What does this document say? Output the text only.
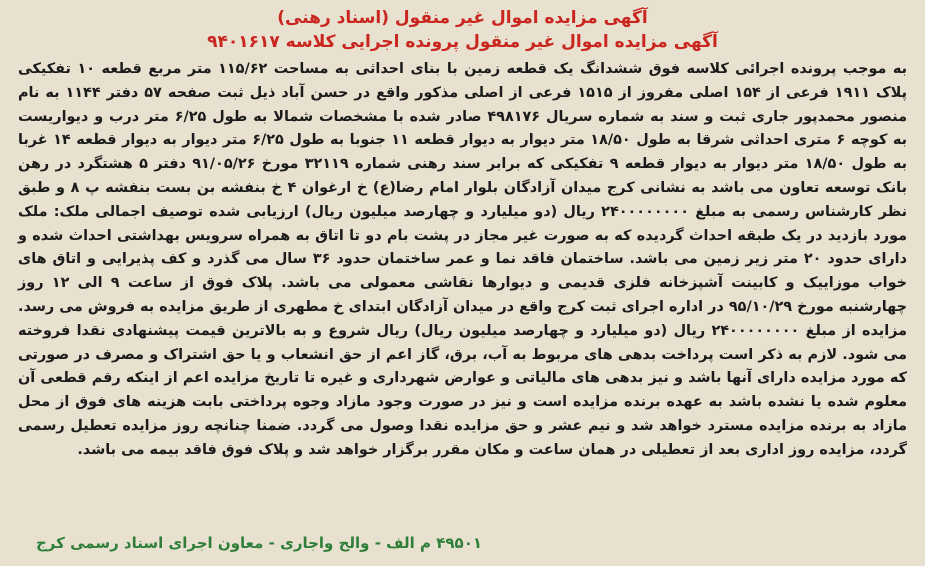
آگهی مزایده اموال غیر منقول (اسناد رهنی)

آگهی مزایده اموال غیر منقول پرونده اجرایی کلاسه ۹۴۰۱۶۱۷

به موجب پرونده اجرائی کلاسه فوق ششدانگ یک قطعه زمین با بنای احداثی به مساحت ۱۱۵/۶۲ متر مربع قطعه ۱۰ تفکیکی پلاک ۱۹۱۱ فرعی از ۱۵۴ اصلی مفروز از ۱۵۱۵ فرعی از اصلی مذکور واقع در حسن آباد ذیل ثبت صفحه ۵۷ دفتر ۱۱۴۴ به نام منصور محمدپور جاری ثبت و سند به شماره سریال ۴۹۸۱۷۶ صادر شده با مشخصات شمالا به طول ۶/۲۵ متر درب و دیواریست به کوچه ۶ متری احداثی شرقا به طول ۱۸/۵۰ متر دیوار به دیوار قطعه ۱۱ جنوبا به طول ۶/۲۵ متر دیوار به دیوار قطعه ۱۴ غربا به طول ۱۸/۵۰ متر دیوار به دیوار قطعه ۹ تفکیکی که برابر سند رهنی شماره ۳۲۱۱۹ مورخ ۹۱/۰۵/۲۶ دفتر ۵ هشتگرد در رهن بانک توسعه تعاون می باشد به نشانی کرج میدان آزادگان بلوار امام رضا(ع) خ ارغوان ۴ خ بنفشه بن بست بنفشه پ ۸ و طبق نظر کارشناس رسمی به مبلغ ۲۴۰۰۰۰۰۰۰۰ ریال (دو میلیارد و چهارصد میلیون ریال) ارزیابی شده توصیف اجمالی ملک: ملک مورد بازدید در یک طبقه احداث گردیده که به صورت غیر مجاز در پشت بام دو تا اتاق به همراه سرویس بهداشتی احداث شده و دارای حدود ۲۰ متر زیر زمین می باشد. ساختمان فاقد نما و عمر ساختمان حدود ۳۶ سال می گذرد و کف پذیرایی و اتاق های خواب موزاییک و کابینت آشپزخانه فلزی قدیمی و دیوارها نقاشی معمولی می باشد. پلاک فوق از ساعت ۹ الی ۱۲ روز چهارشنبه مورخ ۹۵/۱۰/۲۹ در اداره اجرای ثبت کرج واقع در میدان آزادگان ابتدای خ مطهری از طریق مزایده به فروش می رسد. مزایده از مبلغ ۲۴۰۰۰۰۰۰۰۰ ریال (دو میلیارد و چهارصد میلیون ریال) ریال شروع و به بالاترین قیمت پیشنهادی نقدا فروخته می شود. لازم به ذکر است پرداخت بدهی های مربوط به آب، برق، گاز اعم از حق انشعاب و یا حق اشتراک و مصرف در صورتی که مورد مزایده دارای آنها باشد و نیز بدهی های مالیاتی و عوارض شهرداری و غیره تا تاریخ مزایده اعم از اینکه رقم قطعی آن معلوم شده یا نشده باشد به عهده برنده مزایده است و نیز در صورت وجود مازاد وجوه پرداختی بابت هزینه های فوق از محل مازاد به برنده مزایده مسترد خواهد شد و نیم عشر و حق مزایده نقدا وصول می گردد. ضمنا چنانچه روز مزایده تعطیل رسمی گردد، مزایده روز اداری بعد از تعطیلی در همان ساعت و مکان مقرر برگزار خواهد شد و پلاک فوق فاقد بیمه می باشد.

۴۹۵۰۱ م الف - والح واجاری - معاون اجرای اسناد رسمی کرج
